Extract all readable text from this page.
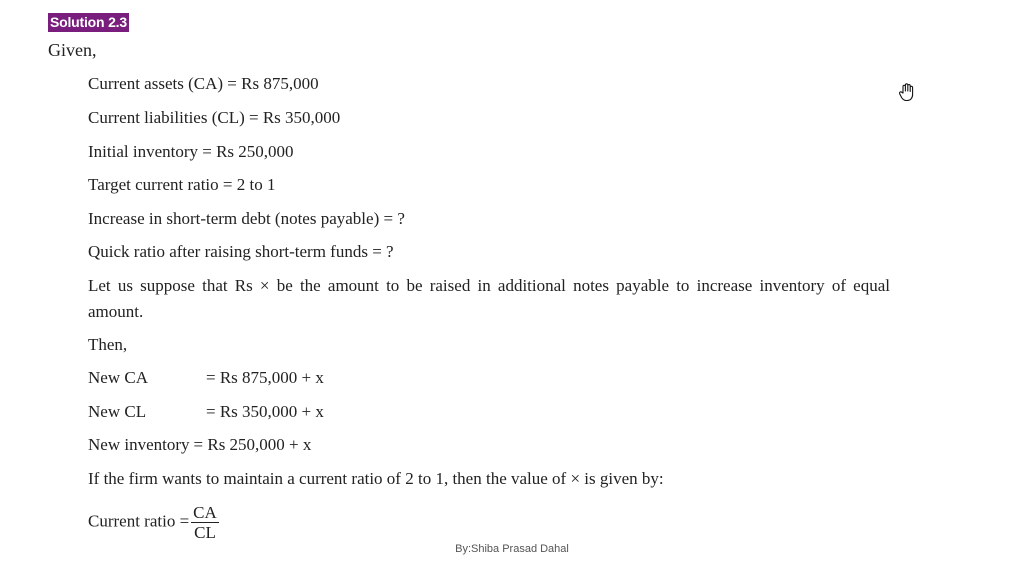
Solution 2.3
Given,
Current assets (CA) = Rs 875,000
Current liabilities (CL) = Rs 350,000
Initial inventory = Rs 250,000
Target current ratio = 2 to 1
Increase in short-term debt (notes payable) = ?
Quick ratio after raising short-term funds = ?
Let us suppose that Rs × be the amount to be raised in additional notes payable to increase inventory of equal amount.
Then,
New CA	= Rs 875,000 + x
New CL	= Rs 350,000 + x
New inventory = Rs 250,000 + x
If the firm wants to maintain a current ratio of 2 to 1, then the value of × is given by:
Current ratio = $\frac{CA}{CL}$
By:Shiba Prasad Dahal
